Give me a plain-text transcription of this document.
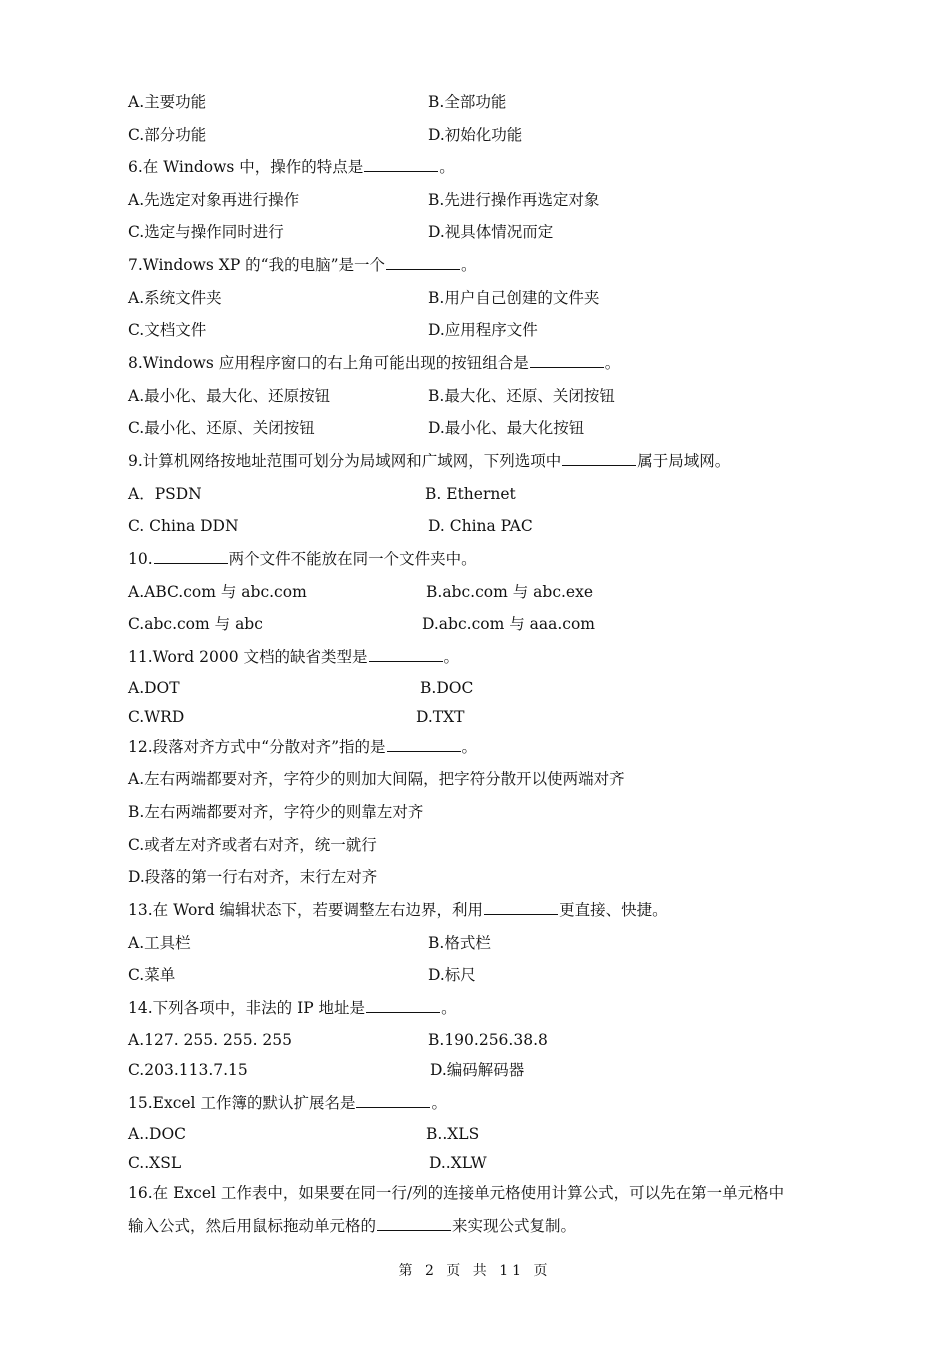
A.主要功能	B.全部功能
C.部分功能	D.初始化功能
6.在 Windows 中，操作的特点是	。
A.先选定对象再进行操作	B.先进行操作再选定对象
C.选定与操作同时进行	D.视具体情况而定
7.Windows XP 的“我的电脑”是一个	。
A.系统文件夹	B.用户自己创建的文件夹
C.文档文件	D.应用程序文件
8.Windows 应用程序窗口的右上角可能出现的按钮组合是	。
A.最小化、最大化、还原按钮	B.最大化、还原、关闭按钮
C.最小化、还原、关闭按钮	D.最小化、最大化按钮
9.计算机网络按地址范围可划分为局域网和广域网，下列选项中	属于局域网。
A．PSDN	B. Ethernet
C. China DDN	D. China PAC
10.	两个文件不能放在同一个文件夹中。
A.ABC.com 与 abc.com	B.abc.com 与 abc.exe
C.abc.com 与 abc	D.abc.com 与 aaa.com
11.Word 2000 文档的缺省类型是	。
A.DOT	B.DOC
C.WRD	D.TXT
12.段落对齐方式中“分散对齐”指的是	。
A.左右两端都要对齐，字符少的则加大间隔，把字符分散开以使两端对齐
B.左右两端都要对齐，字符少的则靠左对齐
C.或者左对齐或者右对齐，统一就行
D.段落的第一行右对齐，末行左对齐
13.在 Word 编辑状态下，若要调整左右边界，利用	更直接、快捷。
A.工具栏	B.格式栏
C.菜单	D.标尺
14.下列各项中，非法的 IP 地址是	。
A.127. 255. 255. 255	B.190.256.38.8
C.203.113.7.15	D.编码解码器
15.Excel 工作簿的默认扩展名是	。
A..DOC	B..XLS
C..XSL	D..XLW
16.在 Excel 工作表中，如果要在同一行/列的连接单元格使用计算公式，可以先在第一单元格中
输入公式，然后用鼠标拖动单元格的	来实现公式复制。
第 2 页 共 11 页
